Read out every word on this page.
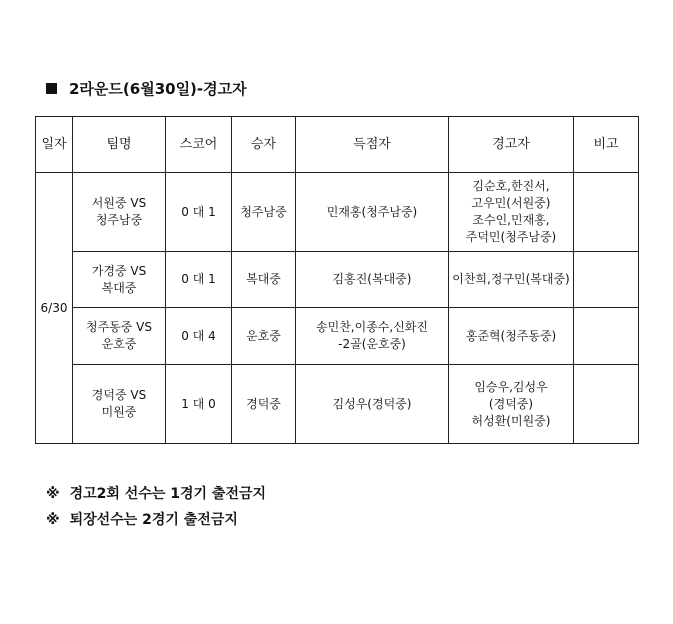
2라운드(6월30일)-경고자
일자	팀명	스코어	승자	득점자	경고자	비고
6/30	서원중 VS
청주남중	0 대 1	청주남중	민재홍(청주남중)	김순호,한진서,
고우민(서원중)
조수인,민재홍,
주덕민(청주남중)	

	가경중 VS
복대중	0 대 1	복대중	김홍진(복대중)	이찬희,정구민(복대중)	

	청주동중 VS
운호중	0 대 4	운호중	송민찬,이종수,신화진
-2골(운호중)	홍준혁(청주동중)	

	경덕중 VS
미원중	1 대 0	경덕중	김성우(경덕중)	임승우,김성우
(경덕중)
허성환(미원중)	

※ 경고2회 선수는 1경기 출전금지
※ 퇴장선수는 2경기 출전금지
